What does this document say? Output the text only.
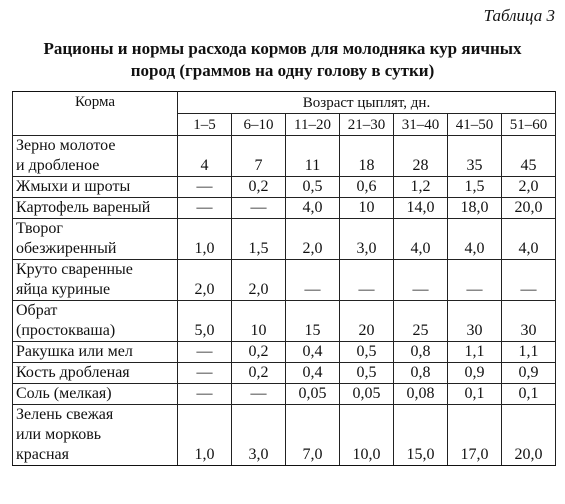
Таблица 3
Рационы и нормы расхода кормов для молодняка кур яичных
пород (граммов на одну голову в сутки)
Корма	Возраст цыплят, дн.						
	1–5	6–10	11–20	21–30	31–40	41–50	51–60

Зерно молотое
и дробленое	4	7	11	18	28	35	45

Жмыхи и шроты	—	0,2	0,5	0,6	1,2	1,5	2,0

Картофель вареный	—	—	4,0	10	14,0	18,0	20,0

Творог
обезжиренный	1,0	1,5	2,0	3,0	4,0	4,0	4,0

Круто сваренные
яйца куриные	2,0	2,0	—	—	—	—	—

Обрат
(простокваша)	5,0	10	15	20	25	30	30

Ракушка или мел	—	0,2	0,4	0,5	0,8	1,1	1,1

Кость дробленая	—	0,2	0,4	0,5	0,8	0,9	0,9

Соль (мелкая)	—	—	0,05	0,05	0,08	0,1	0,1

Зелень свежая
или морковь
красная	1,0	3,0	7,0	10,0	15,0	17,0	20,0
